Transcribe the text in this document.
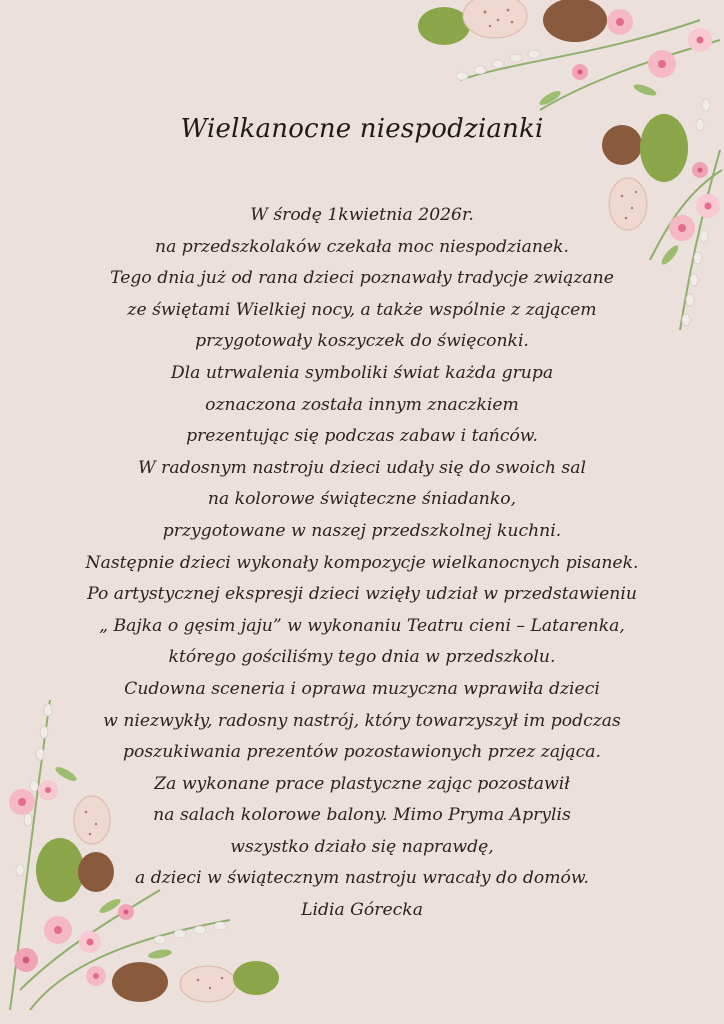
Wielkanocne niespodzianki
W środę 1kwietnia 2026r.
na przedszkolaków czekała moc niespodzianek.
Tego dnia już od rana dzieci poznawały tradycje związane
ze świętami Wielkiej nocy, a także wspólnie z zającem
przygotowały koszyczek do święconki.
Dla utrwalenia symboliki świat każda grupa
oznaczona została innym znaczkiem
prezentując się podczas zabaw i tańców.
W radosnym nastroju dzieci udały się do swoich sal
na kolorowe świąteczne śniadanko,
przygotowane w naszej przedszkolnej kuchni.
Następnie dzieci wykonały kompozycje wielkanocnych pisanek.
Po artystycznej ekspresji dzieci wzięły udział w przedstawieniu
„ Bajka o gęsim jaju” w wykonaniu Teatru cieni – Latarenka,
którego gościliśmy tego dnia w przedszkolu.
Cudowna sceneria i oprawa muzyczna wprawiła dzieci
w niezwykły, radosny nastrój, który towarzyszył im podczas
poszukiwania prezentów pozostawionych przez zająca.
Za wykonane prace plastyczne zając pozostawił
na salach kolorowe balony. Mimo Pryma Aprylis
wszystko działo się naprawdę,
a dzieci w świątecznym nastroju wracały do domów.
Lidia Górecka
